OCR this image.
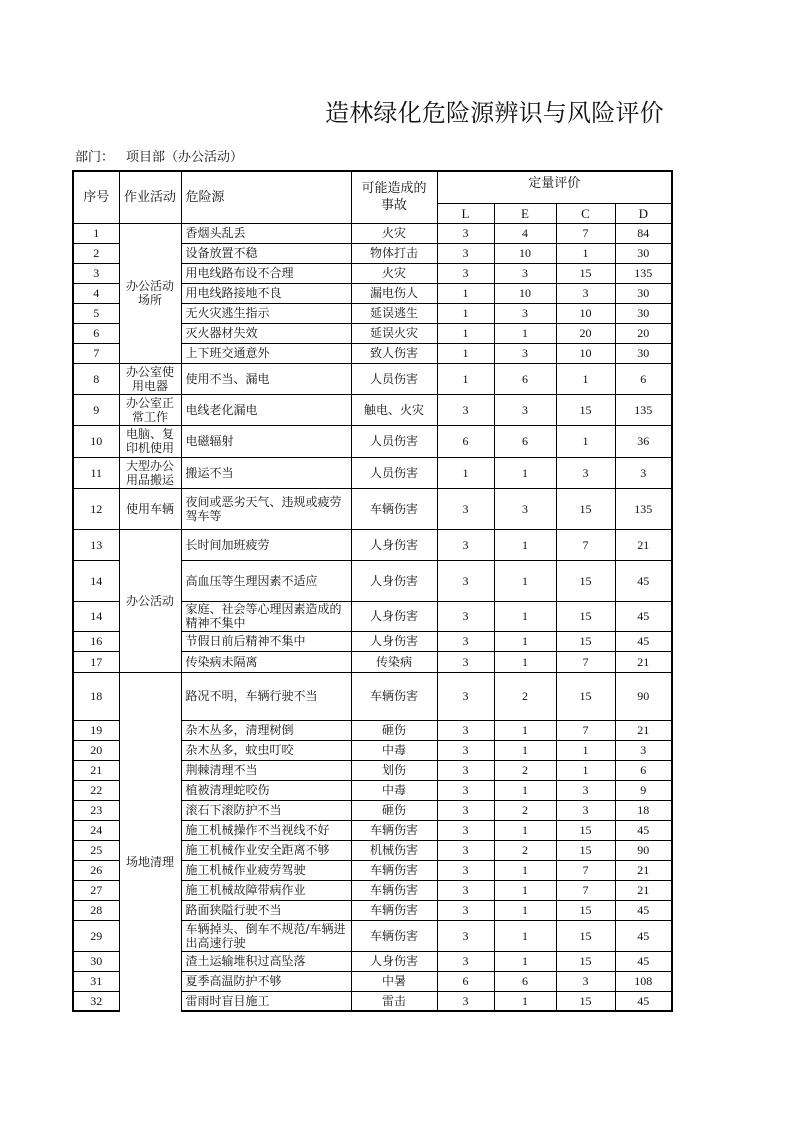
造林绿化危险源辨识与风险评价
部门： 项目部（办公活动）
序号	作业活动	危险源	可能造成的事故	定量评价			
				L	E	C	D
1	办公活动场所	香烟头乱丢	火灾	3	4	7	84
2		设备放置不稳	物体打击	3	10	1	30
3		用电线路布设不合理	火灾	3	3	15	135
4		用电线路接地不良	漏电伤人	1	10	3	30
5		无火灾逃生指示	延误逃生	1	3	10	30
6		灭火器材失效	延误火灾	1	1	20	20
7		上下班交通意外	致人伤害	1	3	10	30
8	办公室使用电器	使用不当、漏电	人员伤害	1	6	1	6
9	办公室正常工作	电线老化漏电	触电、火灾	3	3	15	135
10	电脑、复印机使用	电磁辐射	人员伤害	6	6	1	36
11	大型办公用品搬运	搬运不当	人员伤害	1	1	3	3
12	使用车辆	夜间或恶劣天气、违规或疲劳驾车等	车辆伤害	3	3	15	135
13	办公活动	长时间加班疲劳	人身伤害	3	1	7	21
14		高血压等生理因素不适应	人身伤害	3	1	15	45
14		家庭、社会等心理因素造成的精神不集中	人身伤害	3	1	15	45
16		节假日前后精神不集中	人身伤害	3	1	15	45
17		传染病未隔离	传染病	3	1	7	21
18	场地清理	路况不明，车辆行驶不当	车辆伤害	3	2	15	90
19		杂木丛多，清理树倒	砸伤	3	1	7	21
20		杂木丛多，蚊虫叮咬	中毒	3	1	1	3
21		荆棘清理不当	划伤	3	2	1	6
22		植被清理蛇咬伤	中毒	3	1	3	9
23		滚石下滚防护不当	砸伤	3	2	3	18
24		施工机械操作不当视线不好	车辆伤害	3	1	15	45
25		施工机械作业安全距离不够	机械伤害	3	2	15	90
26		施工机械作业疲劳驾驶	车辆伤害	3	1	7	21
27		施工机械故障带病作业	车辆伤害	3	1	7	21
28		路面狭隘行驶不当	车辆伤害	3	1	15	45
29		车辆掉头、倒车不规范/车辆进出高速行驶	车辆伤害	3	1	15	45
30		渣土运输堆积过高坠落	人身伤害	3	1	15	45
31		夏季高温防护不够	中暑	6	6	3	108
32		雷雨时盲目施工	雷击	3	1	15	45
